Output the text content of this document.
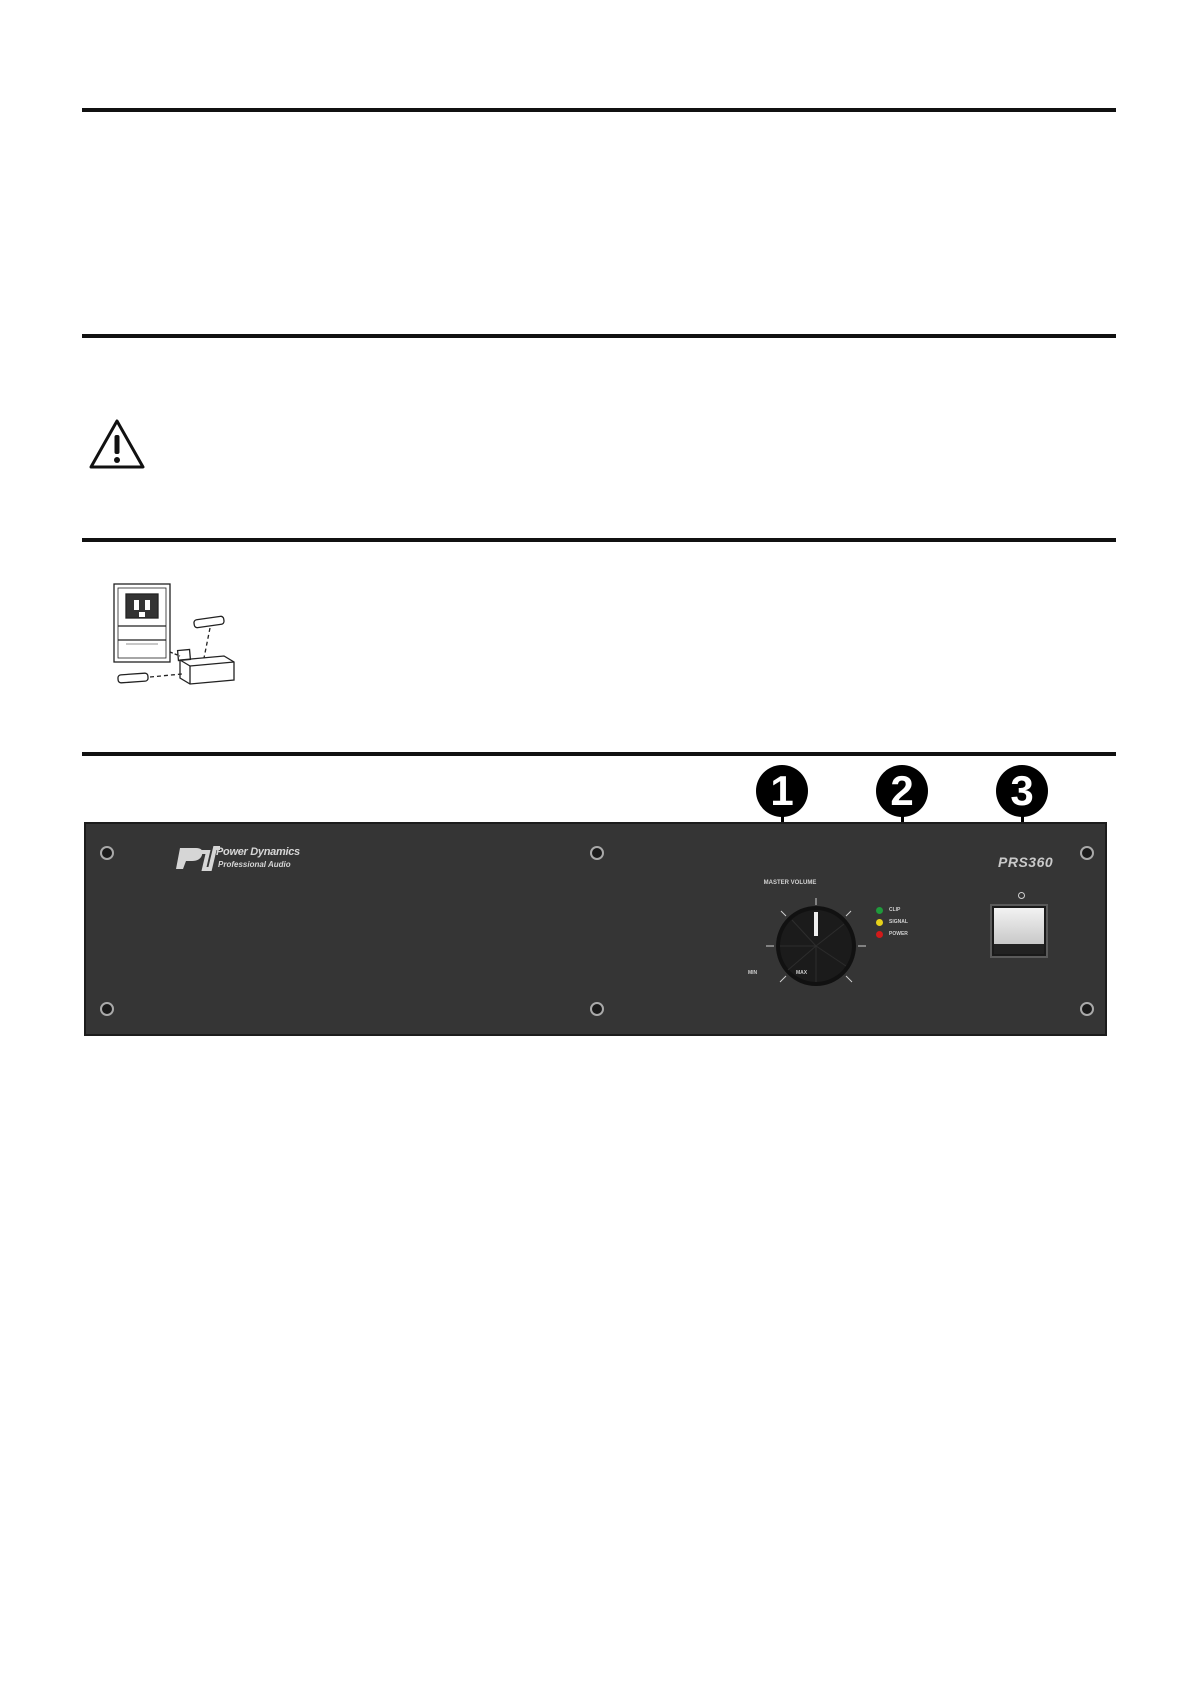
1	2	3
Power Dynamics
Professional Audio	PRS360
MASTER VOLUME
MIN	MAX
CLIP
SIGNAL
POWER
